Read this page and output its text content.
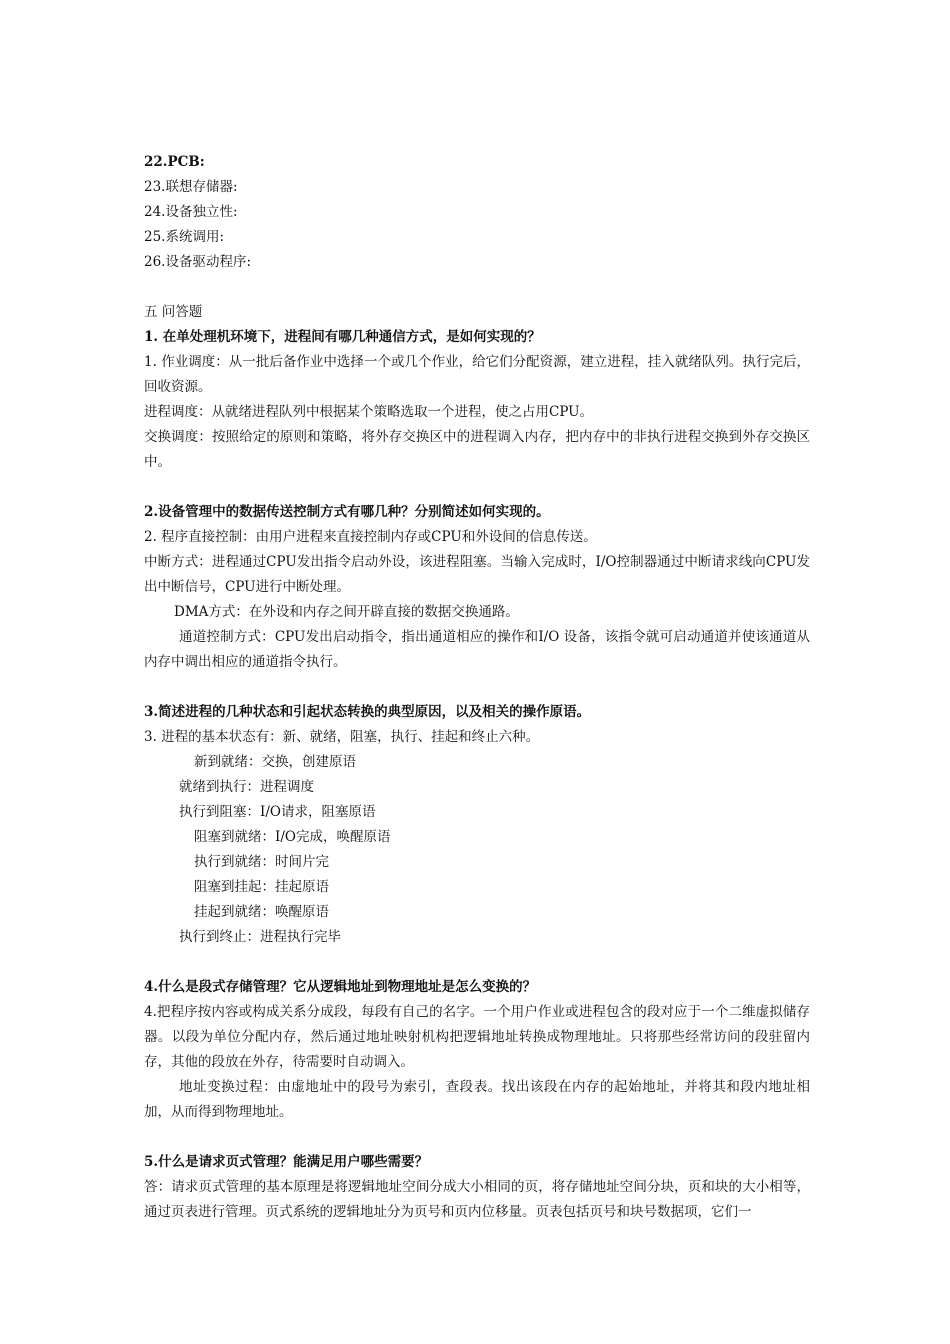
22.PCB:
23.联想存储器:
24.设备独立性:
25.系统调用:
26.设备驱动程序:
五 问答题
1. 在单处理机环境下，进程间有哪几种通信方式，是如何实现的？
1. 作业调度：从一批后备作业中选择一个或几个作业，给它们分配资源，建立进程，挂入就绪队列。执行完后，回收资源。
进程调度：从就绪进程队列中根据某个策略选取一个进程，使之占用CPU。
交换调度：按照给定的原则和策略，将外存交换区中的进程调入内存，把内存中的非执行进程交换到外存交换区中。
2.设备管理中的数据传送控制方式有哪几种？分别简述如何实现的。
2. 程序直接控制：由用户进程来直接控制内存或CPU和外设间的信息传送。
中断方式：进程通过CPU发出指令启动外设，该进程阻塞。当输入完成时，I/O控制器通过中断请求线向CPU发出中断信号，CPU进行中断处理。
DMA方式：在外设和内存之间开辟直接的数据交换通路。
通道控制方式：CPU发出启动指令，指出通道相应的操作和I/O 设备，该指令就可启动通道并使该通道从内存中调出相应的通道指令执行。
3.简述进程的几种状态和引起状态转换的典型原因，以及相关的操作原语。
3. 进程的基本状态有：新、就绪，阻塞，执行、挂起和终止六种。
新到就绪：交换，创建原语
就绪到执行：进程调度
执行到阻塞：I/O请求，阻塞原语
阻塞到就绪：I/O完成，唤醒原语
执行到就绪：时间片完
阻塞到挂起：挂起原语
挂起到就绪：唤醒原语
执行到终止：进程执行完毕
4.什么是段式存储管理？它从逻辑地址到物理地址是怎么变换的？
4.把程序按内容或构成关系分成段，每段有自己的名字。一个用户作业或进程包含的段对应于一个二维虚拟储存器。以段为单位分配内存，然后通过地址映射机构把逻辑地址转换成物理地址。只将那些经常访问的段驻留内存，其他的段放在外存，待需要时自动调入。
地址变换过程：由虚地址中的段号为索引，查段表。找出该段在内存的起始地址，并将其和段内地址相加，从而得到物理地址。
5.什么是请求页式管理？能满足用户哪些需要？
答：请求页式管理的基本原理是将逻辑地址空间分成大小相同的页，将存储地址空间分块，页和块的大小相等，通过页表进行管理。页式系统的逻辑地址分为页号和页内位移量。页表包括页号和块号数据项，它们一
